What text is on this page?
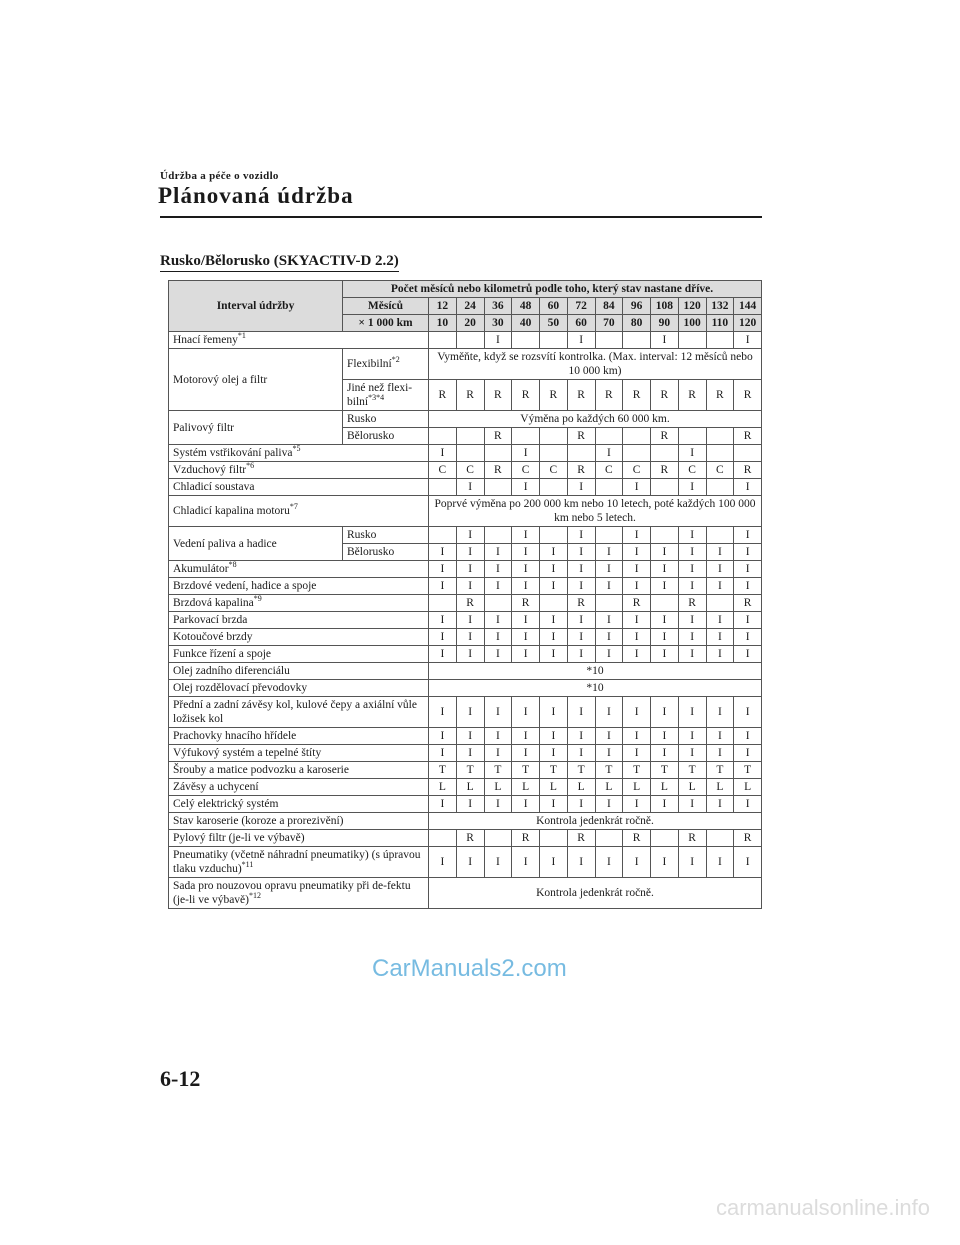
Údržba a péče o vozidlo
Plánovaná údržba
Rusko/Bělorusko (SKYACTIV-D 2.2)
Interval údržby	Počet měsíců nebo kilometrů podle toho, který stav nastane dříve.												
	Měsíců	12	24	36	48	60	72	84	96	108	120	132	144
	× 1 000 km	10	20	30	40	50	60	70	80	90	100	110	120
Hnací řemeny$^{*1}$				I			I			I			I
Motorový olej a filtr	Flexibilní$^{*2}$	Vyměňte, když se rozsvítí kontrolka. (Max. interval: 12 měsíců nebo 10 000 km)											
	Jiné než flexi-bilní$^{*3*4}$	R	R	R	R	R	R	R	R	R	R	R	R
Palivový filtr	Rusko	Výměna po každých 60 000 km.											
	Bělorusko			R			R			R			R
Systém vstřikování paliva$^{*5}$		I			I			I			I		
Vzduchový filtr$^{*6}$		C	C	R	C	C	R	C	C	R	C	C	R
Chladicí soustava			I		I		I		I		I		I
Chladicí kapalina motoru$^{*7}$		Poprvé výměna po 200 000 km nebo 10 letech, poté každých 100 000 km nebo 5 letech.											
Vedení paliva a hadice	Rusko		I		I		I		I		I		I
	Bělorusko	I	I	I	I	I	I	I	I	I	I	I	I
Akumulátor$^{*8}$		I	I	I	I	I	I	I	I	I	I	I	I
Brzdové vedení, hadice a spoje		I	I	I	I	I	I	I	I	I	I	I	I
Brzdová kapalina$^{*9}$			R		R		R		R		R		R
Parkovací brzda		I	I	I	I	I	I	I	I	I	I	I	I
Kotoučové brzdy		I	I	I	I	I	I	I	I	I	I	I	I
Funkce řízení a spoje		I	I	I	I	I	I	I	I	I	I	I	I
Olej zadního diferenciálu		*10											
Olej rozdělovací převodovky		*10											
Přední a zadní závěsy kol, kulové čepy a axiální vůle ložisek kol		I	I	I	I	I	I	I	I	I	I	I	I
Prachovky hnacího hřídele		I	I	I	I	I	I	I	I	I	I	I	I
Výfukový systém a tepelné štíty		I	I	I	I	I	I	I	I	I	I	I	I
Šrouby a matice podvozku a karoserie		T	T	T	T	T	T	T	T	T	T	T	T
Závěsy a uchycení		L	L	L	L	L	L	L	L	L	L	L	L
Celý elektrický systém		I	I	I	I	I	I	I	I	I	I	I	I
Stav karoserie (koroze a prorezivění)		Kontrola jedenkrát ročně.											
Pylový filtr (je-li ve výbavě)			R		R		R		R		R		R
Pneumatiky (včetně náhradní pneumatiky) (s úpravou tlaku vzduchu)$^{*11}$		I	I	I	I	I	I	I	I	I	I	I	I
Sada pro nouzovou opravu pneumatiky při de-fektu (je-li ve výbavě)$^{*12}$		Kontrola jedenkrát ročně.											
6-12
CarManuals2.com
carmanualsonline.info
